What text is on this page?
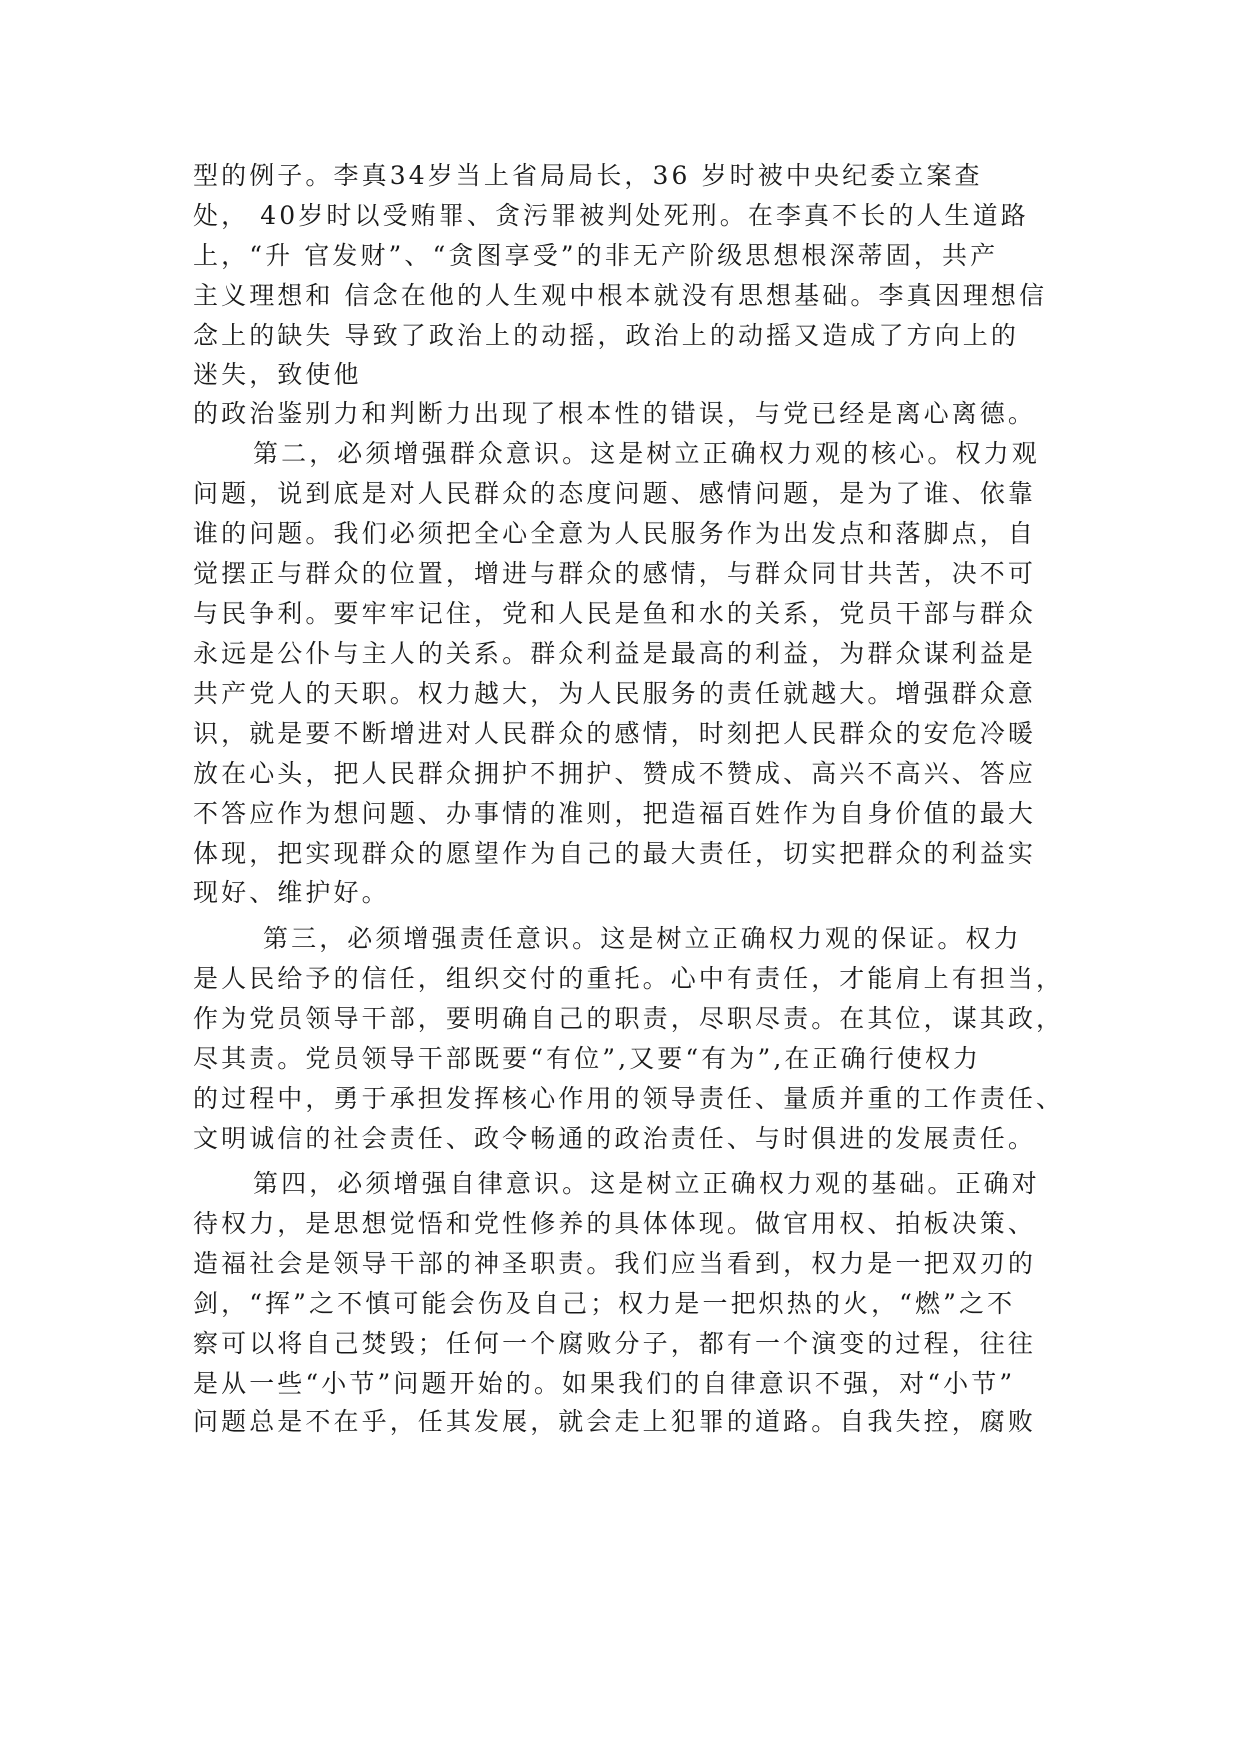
型的例子。李真34岁当上省局局长，36 岁时被中央纪委立案查
处， 40岁时以受贿罪、贪污罪被判处死刑。在李真不长的人生道路
上，“升 官发财”、“贪图享受”的非无产阶级思想根深蒂固，共产
主义理想和 信念在他的人生观中根本就没有思想基础。李真因理想信
念上的缺失 导致了政治上的动摇，政治上的动摇又造成了方向上的
迷失，致使他
的政治鉴别力和判断力出现了根本性的错误，与党已经是离心离德。
第二，必须增强群众意识。这是树立正确权力观的核心。权力观
问题，说到底是对人民群众的态度问题、感情问题，是为了谁、依靠
谁的问题。我们必须把全心全意为人民服务作为出发点和落脚点，自
觉摆正与群众的位置，增进与群众的感情，与群众同甘共苦，决不可
与民争利。要牢牢记住，党和人民是鱼和水的关系，党员干部与群众
永远是公仆与主人的关系。群众利益是最高的利益，为群众谋利益是
共产党人的天职。权力越大，为人民服务的责任就越大。增强群众意
识，就是要不断增进对人民群众的感情，时刻把人民群众的安危冷暖
放在心头，把人民群众拥护不拥护、赞成不赞成、高兴不高兴、答应
不答应作为想问题、办事情的准则，把造福百姓作为自身价值的最大
体现，把实现群众的愿望作为自己的最大责任，切实把群众的利益实
现好、维护好。
第三，必须增强责任意识。这是树立正确权力观的保证。权力
是人民给予的信任，组织交付的重托。心中有责任，才能肩上有担当，
作为党员领导干部，要明确自己的职责，尽职尽责。在其位，谋其政，
尽其责。党员领导干部既要“有位”,又要“有为”,在正确行使权力
的过程中，勇于承担发挥核心作用的领导责任、量质并重的工作责任、
文明诚信的社会责任、政令畅通的政治责任、与时俱进的发展责任。
第四，必须增强自律意识。这是树立正确权力观的基础。正确对
待权力，是思想觉悟和党性修养的具体体现。做官用权、拍板决策、
造福社会是领导干部的神圣职责。我们应当看到，权力是一把双刃的
剑，“挥”之不慎可能会伤及自己；权力是一把炽热的火，“燃”之不
察可以将自己焚毁；任何一个腐败分子，都有一个演变的过程，往往
是从一些“小节”问题开始的。如果我们的自律意识不强，对“小节”
问题总是不在乎，任其发展，就会走上犯罪的道路。自我失控，腐败
